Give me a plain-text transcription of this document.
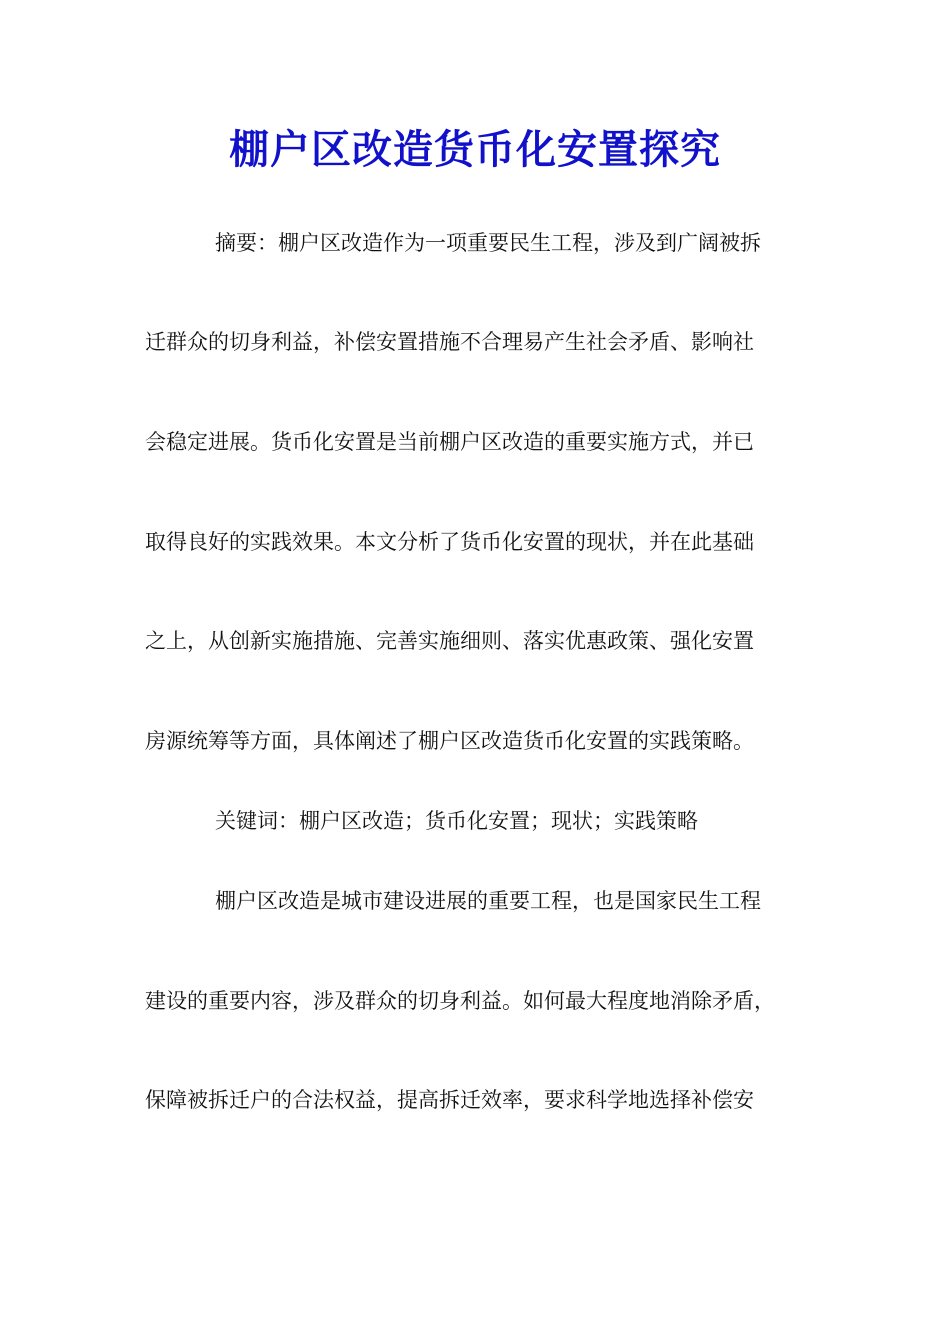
棚户区改造货币化安置探究

摘要：棚户区改造作为一项重要民生工程，涉及到广阔被拆

迁群众的切身利益，补偿安置措施不合理易产生社会矛盾、影响社

会稳定进展。货币化安置是当前棚户区改造的重要实施方式，并已

取得良好的实践效果。本文分析了货币化安置的现状，并在此基础

之上，从创新实施措施、完善实施细则、落实优惠政策、强化安置

房源统筹等方面，具体阐述了棚户区改造货币化安置的实践策略。

关键词：棚户区改造；货币化安置；现状；实践策略

棚户区改造是城市建设进展的重要工程，也是国家民生工程

建设的重要内容，涉及群众的切身利益。如何最大程度地消除矛盾，

保障被拆迁户的合法权益，提高拆迁效率，要求科学地选择补偿安
